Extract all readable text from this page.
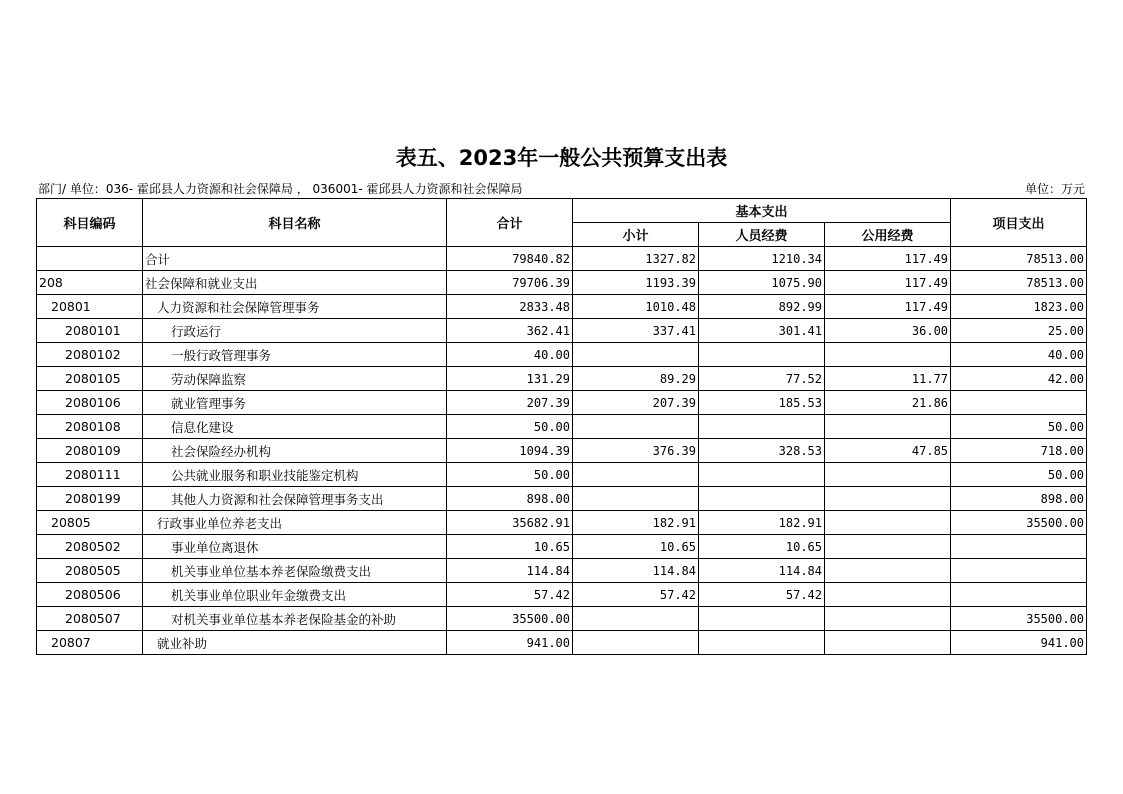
表五、2023年一般公共预算支出表
部门/ 单位：036- 霍邱县人力资源和社会保障局 ， 036001- 霍邱县人力资源和社会保障局	单位：万元
科目编码	科目名称	合计	基本支出			项目支出
			小计	人员经费	公用经费	
	合计	79840.82	1327.82	1210.34	117.49	78513.00
208	社会保障和就业支出	79706.39	1193.39	1075.90	117.49	78513.00
20801	人力资源和社会保障管理事务	2833.48	1010.48	892.99	117.49	1823.00
2080101	行政运行	362.41	337.41	301.41	36.00	25.00
2080102	一般行政管理事务	40.00				40.00
2080105	劳动保障监察	131.29	89.29	77.52	11.77	42.00
2080106	就业管理事务	207.39	207.39	185.53	21.86	
2080108	信息化建设	50.00				50.00
2080109	社会保险经办机构	1094.39	376.39	328.53	47.85	718.00
2080111	公共就业服务和职业技能鉴定机构	50.00				50.00
2080199	其他人力资源和社会保障管理事务支出	898.00				898.00
20805	行政事业单位养老支出	35682.91	182.91	182.91		35500.00
2080502	事业单位离退休	10.65	10.65	10.65		
2080505	机关事业单位基本养老保险缴费支出	114.84	114.84	114.84		
2080506	机关事业单位职业年金缴费支出	57.42	57.42	57.42		
2080507	对机关事业单位基本养老保险基金的补助	35500.00				35500.00
20807	就业补助	941.00				941.00
